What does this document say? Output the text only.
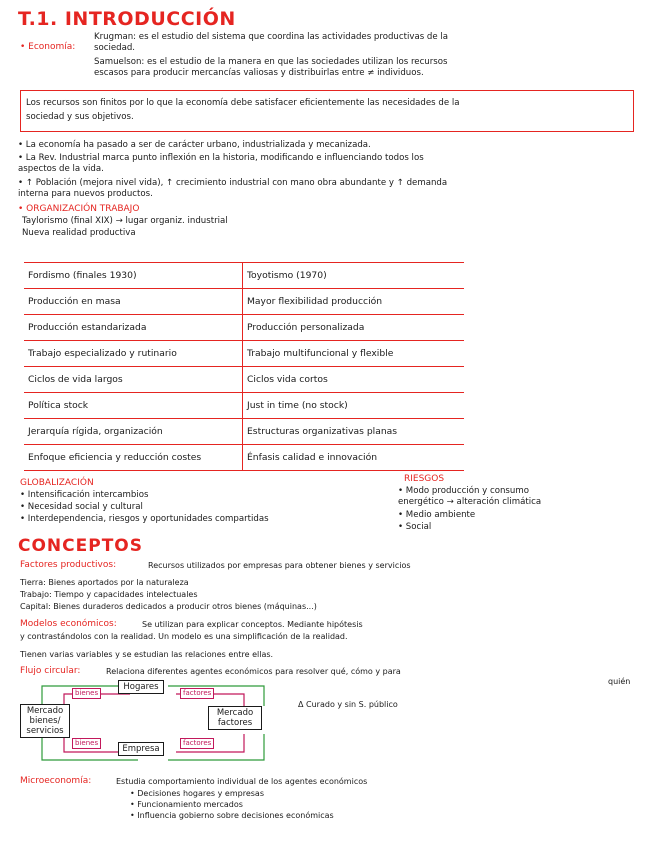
T.1. INTRODUCCIÓN
• Economía:
Krugman: es el estudio del sistema que coordina las actividades productivas de la
sociedad.
Samuelson: es el estudio de la manera en que las sociedades utilizan los recursos
escasos para producir mercancías valiosas y distribuirlas entre ≠ individuos.
Los recursos son finitos por lo que la economía debe satisfacer eficientemente las necesidades de la
sociedad y sus objetivos.
• La economía ha pasado a ser de carácter urbano, industrializada y mecanizada.
• La Rev. Industrial marca punto inflexión en la historia, modificando e influenciando todos los
aspectos de la vida.
• ↑ Población (mejora nivel vida), ↑ crecimiento industrial con mano obra abundante y ↑ demanda
interna para nuevos productos.
• ORGANIZACIÓN TRABAJO
Taylorismo (final XIX) → lugar organiz. industrial
Nueva realidad productiva
Fordismo (finales 1930)	Toyotismo (1970)
Producción en masa	Mayor flexibilidad producción
Producción estandarizada	Producción personalizada
Trabajo especializado y rutinario	Trabajo multifuncional y flexible
Ciclos de vida largos	Ciclos vida cortos
Política stock	Just in time (no stock)
Jerarquía rígida, organización	Estructuras organizativas planas
Enfoque eficiencia y reducción costes	Énfasis calidad e innovación
GLOBALIZACIÓN
• Intensificación intercambios
• Necesidad social y cultural
• Interdependencia, riesgos y oportunidades compartidas
RIESGOS
• Modo producción y consumo
energético → alteración climática
• Medio ambiente
• Social
CONCEPTOS
Factores productivos:	Recursos utilizados por empresas para obtener bienes y servicios
Tierra: Bienes aportados por la naturaleza
Trabajo: Tiempo y capacidades intelectuales
Capital: Bienes duraderos dedicados a producir otros bienes (máquinas...)
Modelos económicos:	Se utilizan para explicar conceptos. Mediante hipótesis
y contrastándolos con la realidad. Un modelo es una simplificación de la realidad.
Tienen varias variables y se estudian las relaciones entre ellas.
Flujo circular:	Relaciona diferentes agentes económicos para resolver qué, cómo y para
quién
Δ Curado y sin S. público
Hogares
Empresa
Mercado bienes/ servicios
Mercado factores
bienes	factores
bienes	factores
Microeconomía:	Estudia comportamiento individual de los agentes económicos
• Decisiones hogares y empresas
• Funcionamiento mercados
• Influencia gobierno sobre decisiones económicas
